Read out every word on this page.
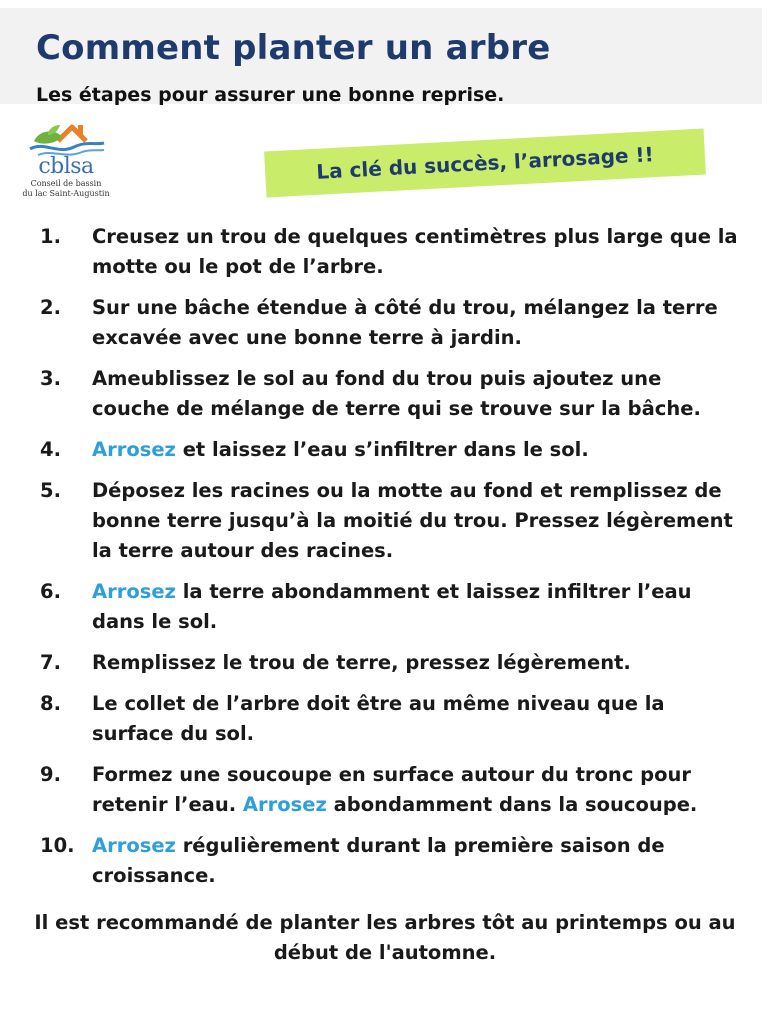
Comment planter un arbre
Les étapes pour assurer une bonne reprise.
cblsa
Conseil de bassin
du lac Saint-Augustin
La clé du succès, l’arrosage !!
1.	Creusez un trou de quelques centimètres plus large que la motte ou le pot de l’arbre.
2.	Sur une bâche étendue à côté du trou, mélangez la terre excavée avec une bonne terre à jardin.
3.	Ameublissez le sol au fond du trou puis ajoutez une couche de mélange de terre qui se trouve sur la bâche.
4.	Arrosez et laissez l’eau s’infiltrer dans le sol.
5.	Déposez les racines ou la motte au fond et remplissez de bonne terre jusqu’à la moitié du trou. Pressez légèrement la terre autour des racines.
6.	Arrosez la terre abondamment et laissez infiltrer l’eau dans le sol.
7.	Remplissez le trou de terre, pressez légèrement.
8.	Le collet de l’arbre doit être au même niveau que la surface du sol.
9.	Formez une soucoupe en surface autour du tronc pour retenir l’eau. Arrosez abondamment dans la soucoupe.
10. Arrosez régulièrement durant la première saison de croissance.
Il est recommandé de planter les arbres tôt au printemps ou au début de l'automne.
